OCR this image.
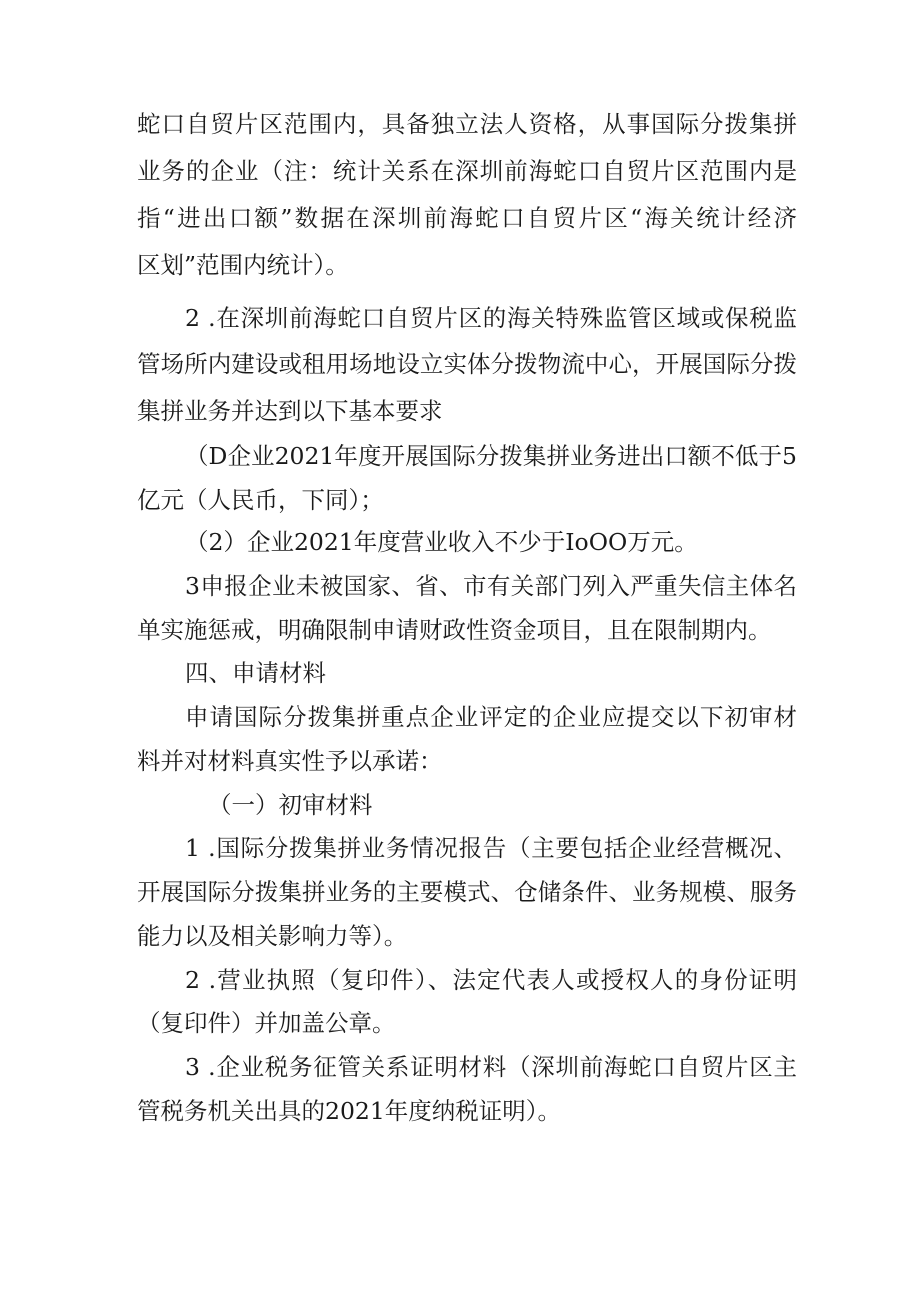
蛇口自贸片区范围内，具备独立法人资格，从事国际分拨集拼
业务的企业（注：统计关系在深圳前海蛇口自贸片区范围内是
指“进出口额”数据在深圳前海蛇口自贸片区“海关统计经济
区划”范围内统计）。
2 .在深圳前海蛇口自贸片区的海关特殊监管区域或保税监
管场所内建设或租用场地设立实体分拨物流中心，开展国际分拨
集拼业务并达到以下基本要求
（D企业2021年度开展国际分拨集拼业务进出口额不低于5
亿元（人民币，下同）；
（2）企业2021年度营业收入不少于IoOO万元。
3申报企业未被国家、省、市有关部门列入严重失信主体名
单实施惩戒，明确限制申请财政性资金项目，且在限制期内。
四、申请材料
申请国际分拨集拼重点企业评定的企业应提交以下初审材
料并对材料真实性予以承诺：
（一）初审材料
1 .国际分拨集拼业务情况报告（主要包括企业经营概况、
开展国际分拨集拼业务的主要模式、仓储条件、业务规模、服务
能力以及相关影响力等）。
2 .营业执照（复印件）、法定代表人或授权人的身份证明
（复印件）并加盖公章。
3 .企业税务征管关系证明材料（深圳前海蛇口自贸片区主
管税务机关出具的2021年度纳税证明）。
